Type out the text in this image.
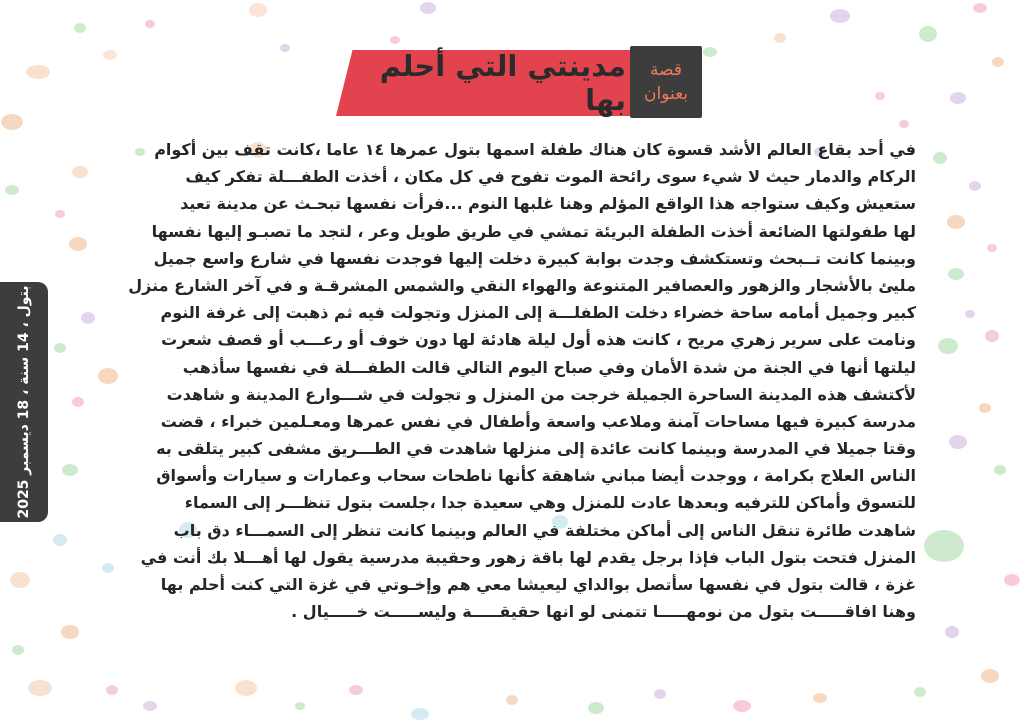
بتول ، 14 سنة ، 18 ديسمبر 2025
مدينتي التي أحلم بها
قصة
بعنوان
في أحد بقاع العالم الأشد قسوة كان هناك طفلة اسمها بتول عمرها ١٤ عاما ،كانت تقف بين أكوام
الركام والدمار حيث لا شيء سوى رائحة الموت تفوح في كل مكان ، أخذت الطفـــلة تفكر كيف
ستعيش وكيف ستواجه هذا الواقع المؤلم وهنا غلبها النوم ...فرأت نفسها تبحـث عن مدينة تعيد
لها طفولتها الضائعة أخذت الطفلة البريئة تمشي في طريق طويل وعر ، لتجد ما تصبـو إليها نفسها
وبينما كانت تــبحث وتستكشف وجدت بوابة كبيرة دخلت إليها فوجدت نفسها في شارع واسع جميل
مليئ بالأشجار والزهور والعصافير المتنوعة والهواء النقي والشمس المشرقـة و في آخر الشارع منزل
كبير وجميل أمامه ساحة خضراء دخلت الطفلـــة إلى المنزل وتجولت فيه ثم ذهبت إلى غرفة النوم
ونامت على سرير زهري مريح ، كانت هذه أول ليلة هادئة لها دون خوف أو رعـــب أو قصف شعرت
ليلتها أنها في الجنة من شدة الأمان وفي صباح اليوم التالي قالت الطفـــلة في نفسها سأذهب
لأكتشف هذه المدينة الساحرة الجميلة خرجت من المنزل و تجولت في شـــوارع المدينة و شاهدت
مدرسة كبيرة فيها مساحات آمنة وملاعب واسعة وأطفال في نفس عمرها ومعـلمين خبراء ، قضت
وقتا جميلا في المدرسة وبينما كانت عائدة إلى منزلها شاهدت في الطـــريق مشفى كبير يتلقى به
الناس العلاج بكرامة ، ووجدت أيضا مباني شاهقة كأنها ناطحات سحاب وعمارات و سيارات وأسواق
للتسوق وأماكن للترفيه وبعدها عادت للمنزل وهي سعيدة جدا ،جلست بتول تنظـــر إلى السماء
شاهدت طائرة تنقل الناس إلى أماكن مختلفة في العالم وبينما كانت تنظر إلى السمـــاء دق باب
المنزل فتحت بتول الباب فإذا برجل يقدم لها باقة زهور وحقيبة مدرسية يقول لها أهـــلا بك أنت في
غزة ، قالت بتول في نفسها سأتصل بوالداي ليعيشا معي هم وإخـوتي في غزة التي كنت أحلم بها
وهنا افاقـــــت بتول من نومهـــــا تتمنى لو انها حقيقـــــة وليســـــت خـــــيال .
